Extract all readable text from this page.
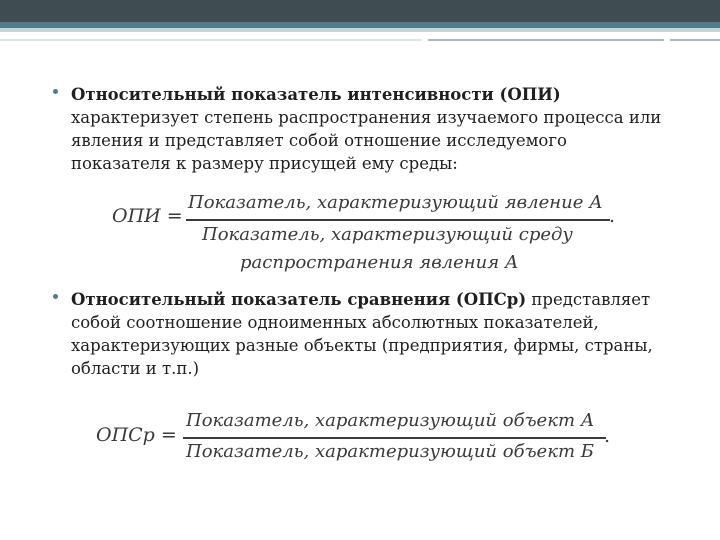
Относительный показатель интенсивности (ОПИ) характеризует степень распространения изучаемого процесса или явления и представляет собой отношение исследуемого показателя к размеру присущей ему среды:
ОПИ =
Показатель, характеризующий явление А
Показатель, характеризующий среду
распространения явления А
.
Относительный показатель сравнения (ОПСр) представляет собой соотношение одноименных абсолютных показателей, характеризующих разные объекты (предприятия, фирмы, страны, области и т.п.)
ОПСр =
Показатель, характеризующий объект А
Показатель, характеризующий объект Б
.
